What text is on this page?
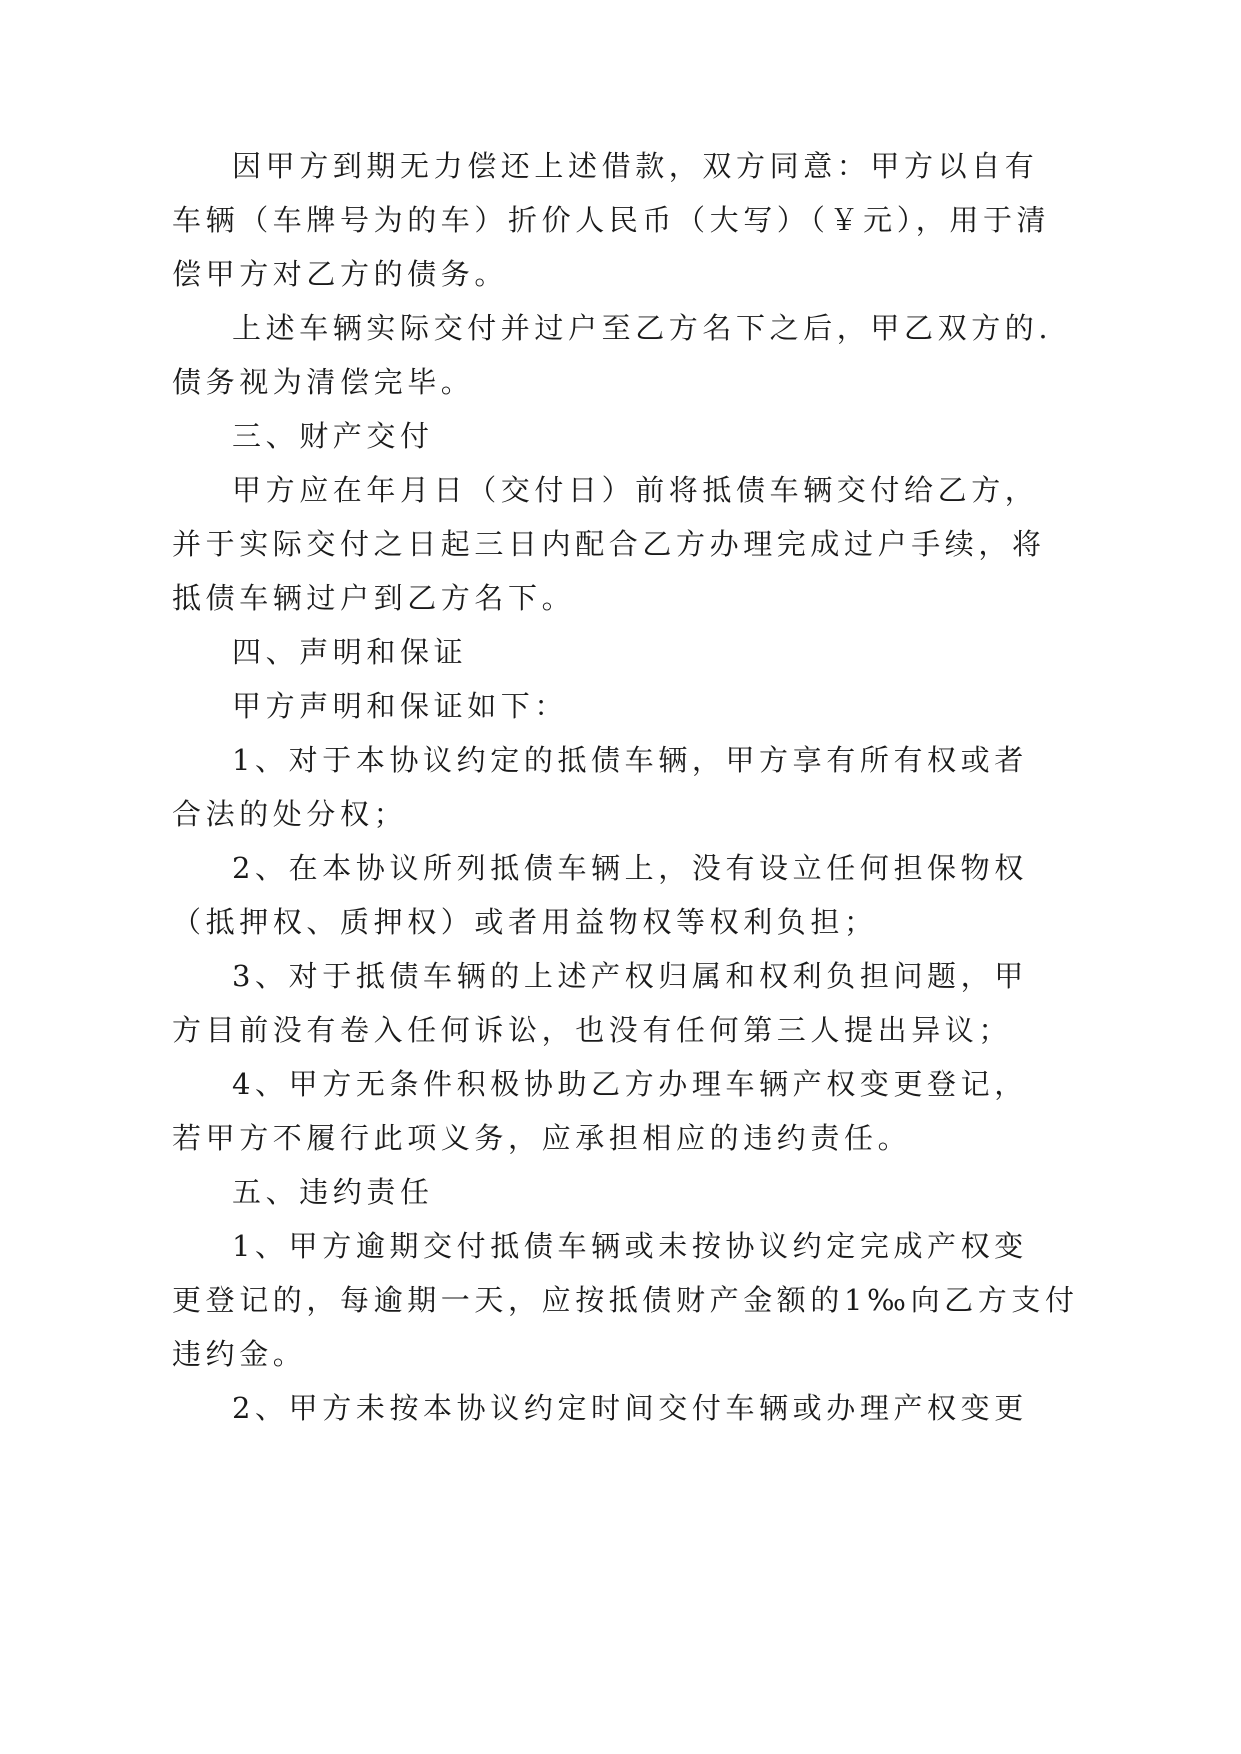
因甲方到期无力偿还上述借款，双方同意：甲方以自有
车辆（车牌号为的车）折价人民币（大写）（￥元），用于清
偿甲方对乙方的债务。
上述车辆实际交付并过户至乙方名下之后，甲乙双方的.
债务视为清偿完毕。
三、财产交付
甲方应在年月日（交付日）前将抵债车辆交付给乙方，
并于实际交付之日起三日内配合乙方办理完成过户手续，将
抵债车辆过户到乙方名下。
四、声明和保证
甲方声明和保证如下：
1、对于本协议约定的抵债车辆，甲方享有所有权或者
合法的处分权；
2、在本协议所列抵债车辆上，没有设立任何担保物权
（抵押权、质押权）或者用益物权等权利负担；
3、对于抵债车辆的上述产权归属和权利负担问题，甲
方目前没有卷入任何诉讼，也没有任何第三人提出异议；
4、甲方无条件积极协助乙方办理车辆产权变更登记，
若甲方不履行此项义务，应承担相应的违约责任。
五、违约责任
1、甲方逾期交付抵债车辆或未按协议约定完成产权变
更登记的，每逾期一天，应按抵债财产金额的1‰向乙方支付
违约金。
2、甲方未按本协议约定时间交付车辆或办理产权变更
